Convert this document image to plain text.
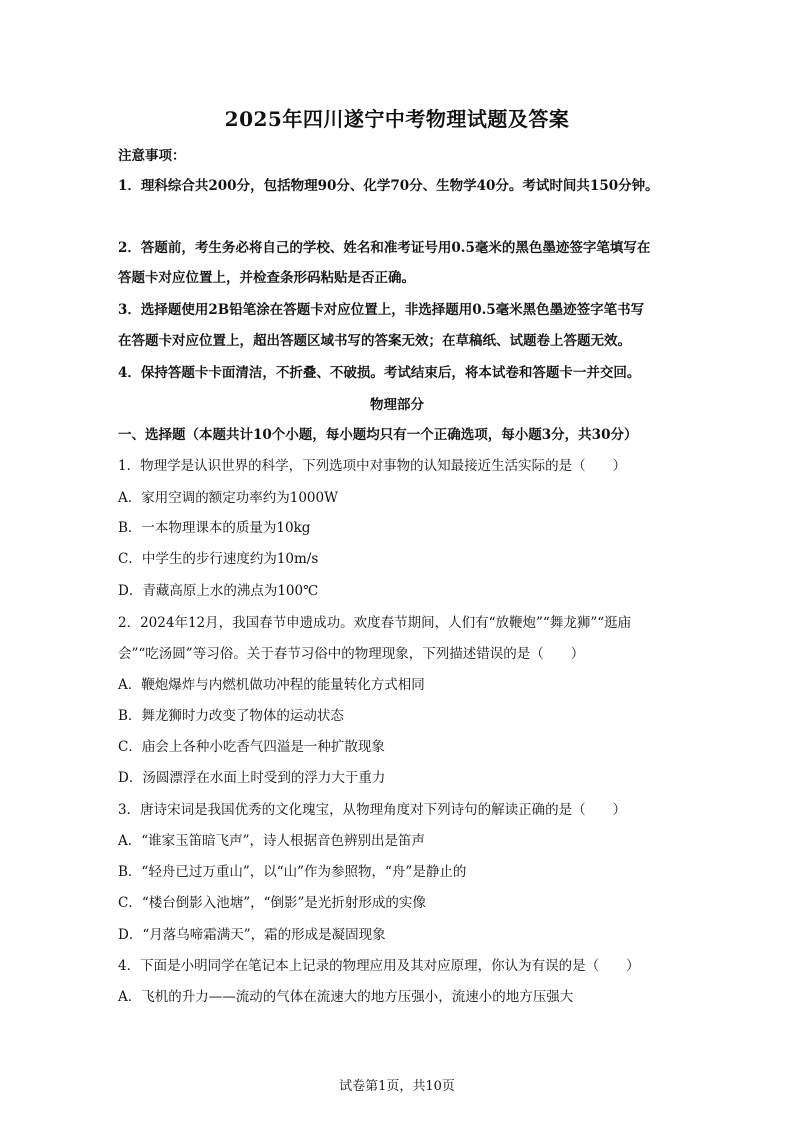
2025年四川遂宁中考物理试题及答案
注意事项：
1．理科综合共200分，包括物理90分、化学70分、生物学40分。考试时间共150分钟。
2．答题前，考生务必将自己的学校、姓名和准考证号用0.5毫米的黑色墨迹签字笔填写在
答题卡对应位置上，并检查条形码粘贴是否正确。
3．选择题使用2B铅笔涂在答题卡对应位置上，非选择题用0.5毫米黑色墨迹签字笔书写
在答题卡对应位置上，超出答题区域书写的答案无效；在草稿纸、试题卷上答题无效。
4．保持答题卡卡面清洁，不折叠、不破损。考试结束后，将本试卷和答题卡一并交回。
物理部分
一、选择题（本题共计10个小题，每小题均只有一个正确选项，每小题3分，共30分）
1．物理学是认识世界的科学，下列选项中对事物的认知最接近生活实际的是（　　）
A．家用空调的额定功率约为1000W
B．一本物理课本的质量为10kg
C．中学生的步行速度约为10m/s
D．青藏高原上水的沸点为100℃
2．2024年12月，我国春节申遗成功。欢度春节期间，人们有“放鞭炮”“舞龙狮”“逛庙
会”“吃汤圆”等习俗。关于春节习俗中的物理现象，下列描述错误的是（　　）
A．鞭炮爆炸与内燃机做功冲程的能量转化方式相同
B．舞龙狮时力改变了物体的运动状态
C．庙会上各种小吃香气四溢是一种扩散现象
D．汤圆漂浮在水面上时受到的浮力大于重力
3．唐诗宋词是我国优秀的文化瑰宝，从物理角度对下列诗句的解读正确的是（　　）
A．“谁家玉笛暗飞声”，诗人根据音色辨别出是笛声
B．“轻舟已过万重山”，以“山”作为参照物，“舟”是静止的
C．“楼台倒影入池塘”，“倒影”是光折射形成的实像
D．“月落乌啼霜满天”，霜的形成是凝固现象
4．下面是小明同学在笔记本上记录的物理应用及其对应原理，你认为有误的是（　　）
A．飞机的升力——流动的气体在流速大的地方压强小，流速小的地方压强大
试卷第1页，共10页
